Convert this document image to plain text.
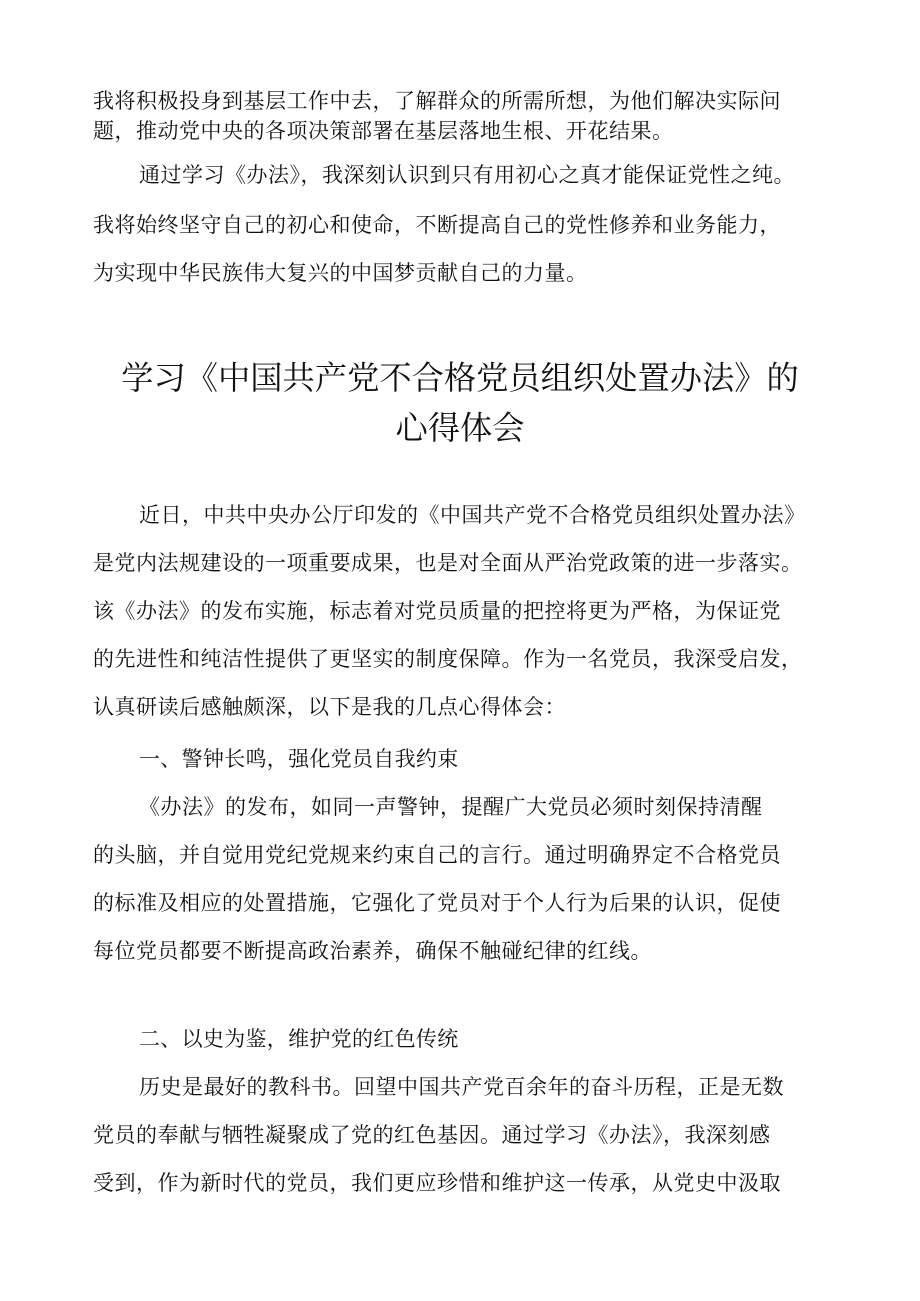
我将积极投身到基层工作中去，了解群众的所需所想，为他们解决实际问
题，推动党中央的各项决策部署在基层落地生根、开花结果。
通过学习《办法》，我深刻认识到只有用初心之真才能保证党性之纯。
我将始终坚守自己的初心和使命，不断提高自己的党性修养和业务能力，
为实现中华民族伟大复兴的中国梦贡献自己的力量。
学习《中国共产党不合格党员组织处置办法》的
心得体会
近日，中共中央办公厅印发的《中国共产党不合格党员组织处置办法》
是党内法规建设的一项重要成果，也是对全面从严治党政策的进一步落实。
该《办法》的发布实施，标志着对党员质量的把控将更为严格，为保证党
的先进性和纯洁性提供了更坚实的制度保障。作为一名党员，我深受启发，
认真研读后感触颇深，以下是我的几点心得体会：
一、警钟长鸣，强化党员自我约束
《办法》的发布，如同一声警钟，提醒广大党员必须时刻保持清醒
的头脑，并自觉用党纪党规来约束自己的言行。通过明确界定不合格党员
的标准及相应的处置措施，它强化了党员对于个人行为后果的认识，促使
每位党员都要不断提高政治素养，确保不触碰纪律的红线。
二、以史为鉴，维护党的红色传统
历史是最好的教科书。回望中国共产党百余年的奋斗历程，正是无数
党员的奉献与牺牲凝聚成了党的红色基因。通过学习《办法》，我深刻感
受到，作为新时代的党员，我们更应珍惜和维护这一传承，从党史中汲取
